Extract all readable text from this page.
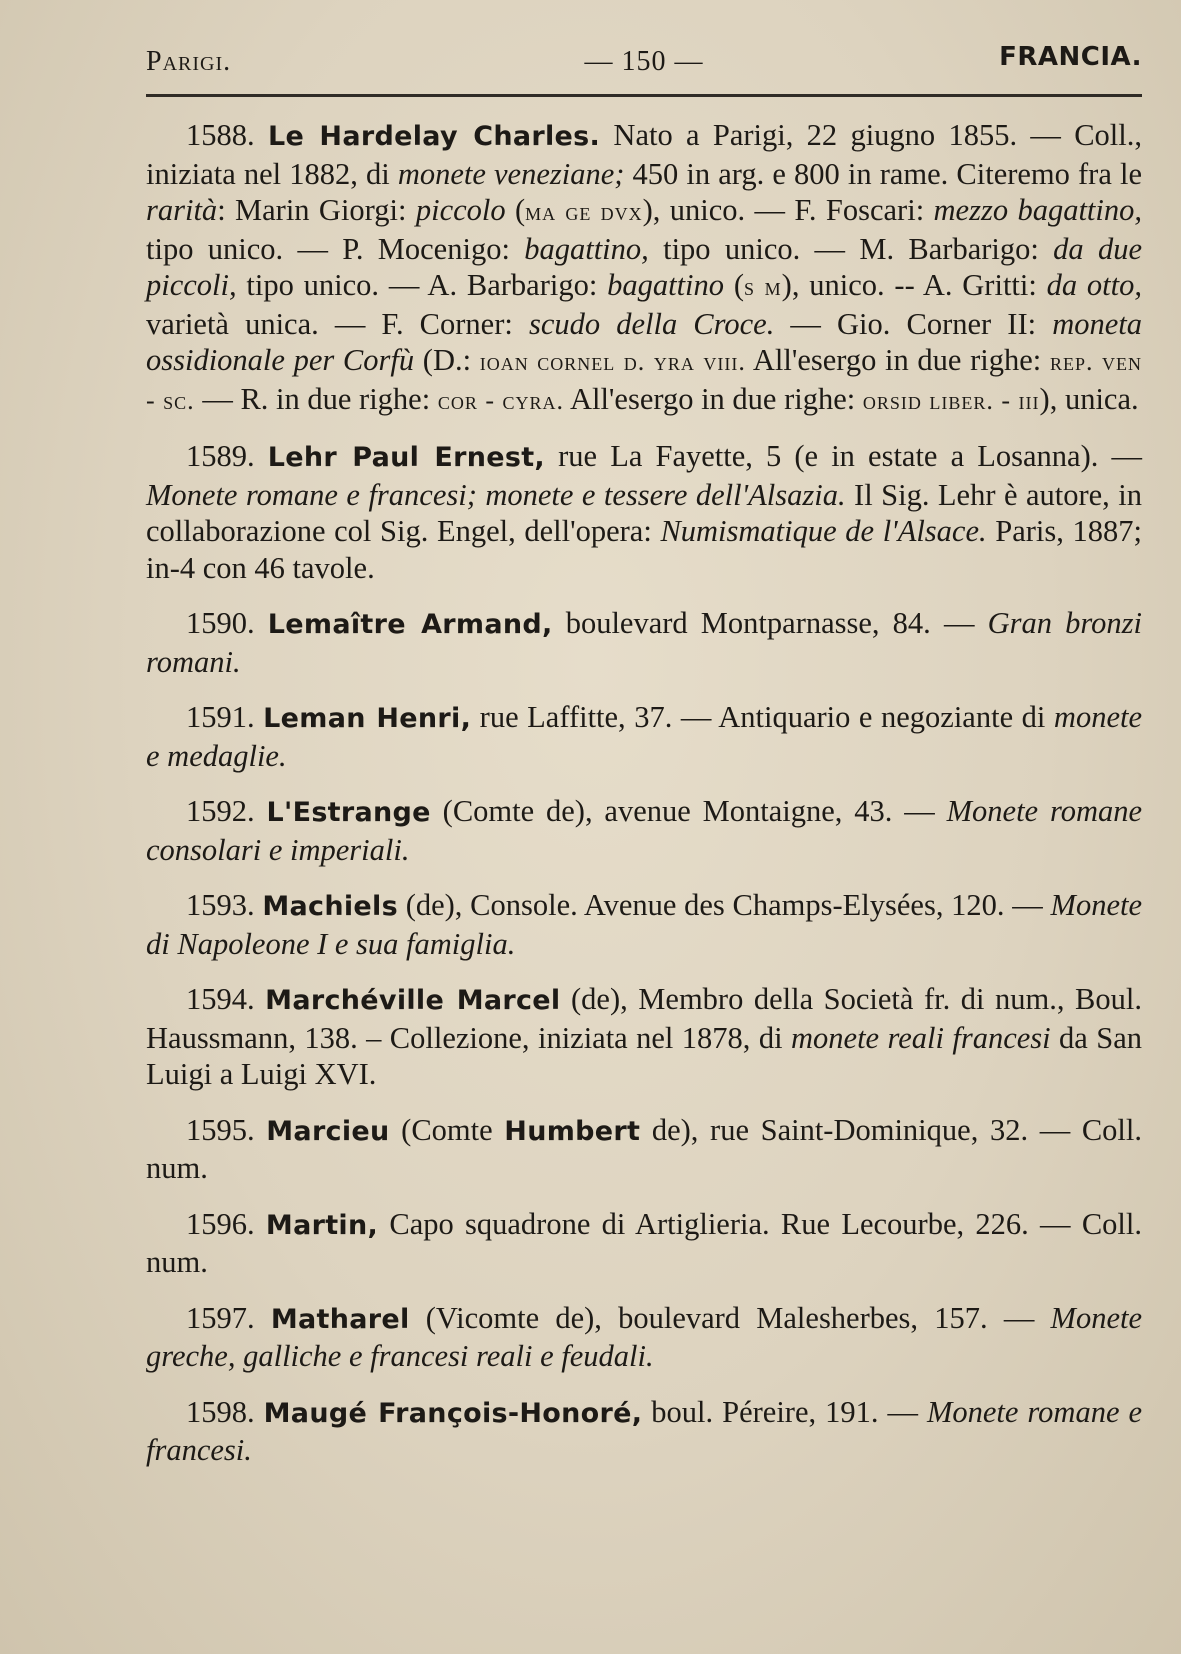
Parigi.	— 150 —	FRANCIA.

1588. Le Hardelay Charles. Nato a Parigi, 22 giugno 1855. — Coll., iniziata nel 1882, di monete veneziane; 450 in arg. e 800 in rame. Citeremo fra le rarità: Marin Giorgi: piccolo (ma ge dvx), unico. — F. Foscari: mezzo bagattino, tipo unico. — P. Mocenigo: bagattino, tipo unico. — M. Barbarigo: da due piccoli, tipo unico. — A. Barbarigo: bagattino (s m), unico. -- A. Gritti: da otto, varietà unica. — F. Corner: scudo della Croce. — Gio. Corner II: moneta ossidionale per Corfù (D.: ioan cornel d. yra viii. All'esergo in due righe: rep. ven - sc. — R. in due righe: cor - cyra. All'esergo in due righe: orsid liber. - iii), unica.

1589. Lehr Paul Ernest, rue La Fayette, 5 (e in estate a Losanna). — Monete romane e francesi; monete e tessere dell'Alsazia. Il Sig. Lehr è autore, in collaborazione col Sig. Engel, dell'opera: Numismatique de l'Alsace. Paris, 1887; in-4 con 46 tavole.

1590. Lemaître Armand, boulevard Montparnasse, 84. — Gran bronzi romani.

1591. Leman Henri, rue Laffitte, 37. — Antiquario e negoziante di monete e medaglie.

1592. L'Estrange (Comte de), avenue Montaigne, 43. — Monete romane consolari e imperiali.

1593. Machiels (de), Console. Avenue des Champs-Elysées, 120. — Monete di Napoleone I e sua famiglia.

1594. Marchéville Marcel (de), Membro della Società fr. di num., Boul. Haussmann, 138. – Collezione, iniziata nel 1878, di monete reali francesi da San Luigi a Luigi XVI.

1595. Marcieu (Comte Humbert de), rue Saint-Dominique, 32. — Coll. num.

1596. Martin, Capo squadrone di Artiglieria. Rue Lecourbe, 226. — Coll. num.

1597. Matharel (Vicomte de), boulevard Malesherbes, 157. — Monete greche, galliche e francesi reali e feudali.

1598. Maugé François-Honoré, boul. Péreire, 191. — Monete romane e francesi.
